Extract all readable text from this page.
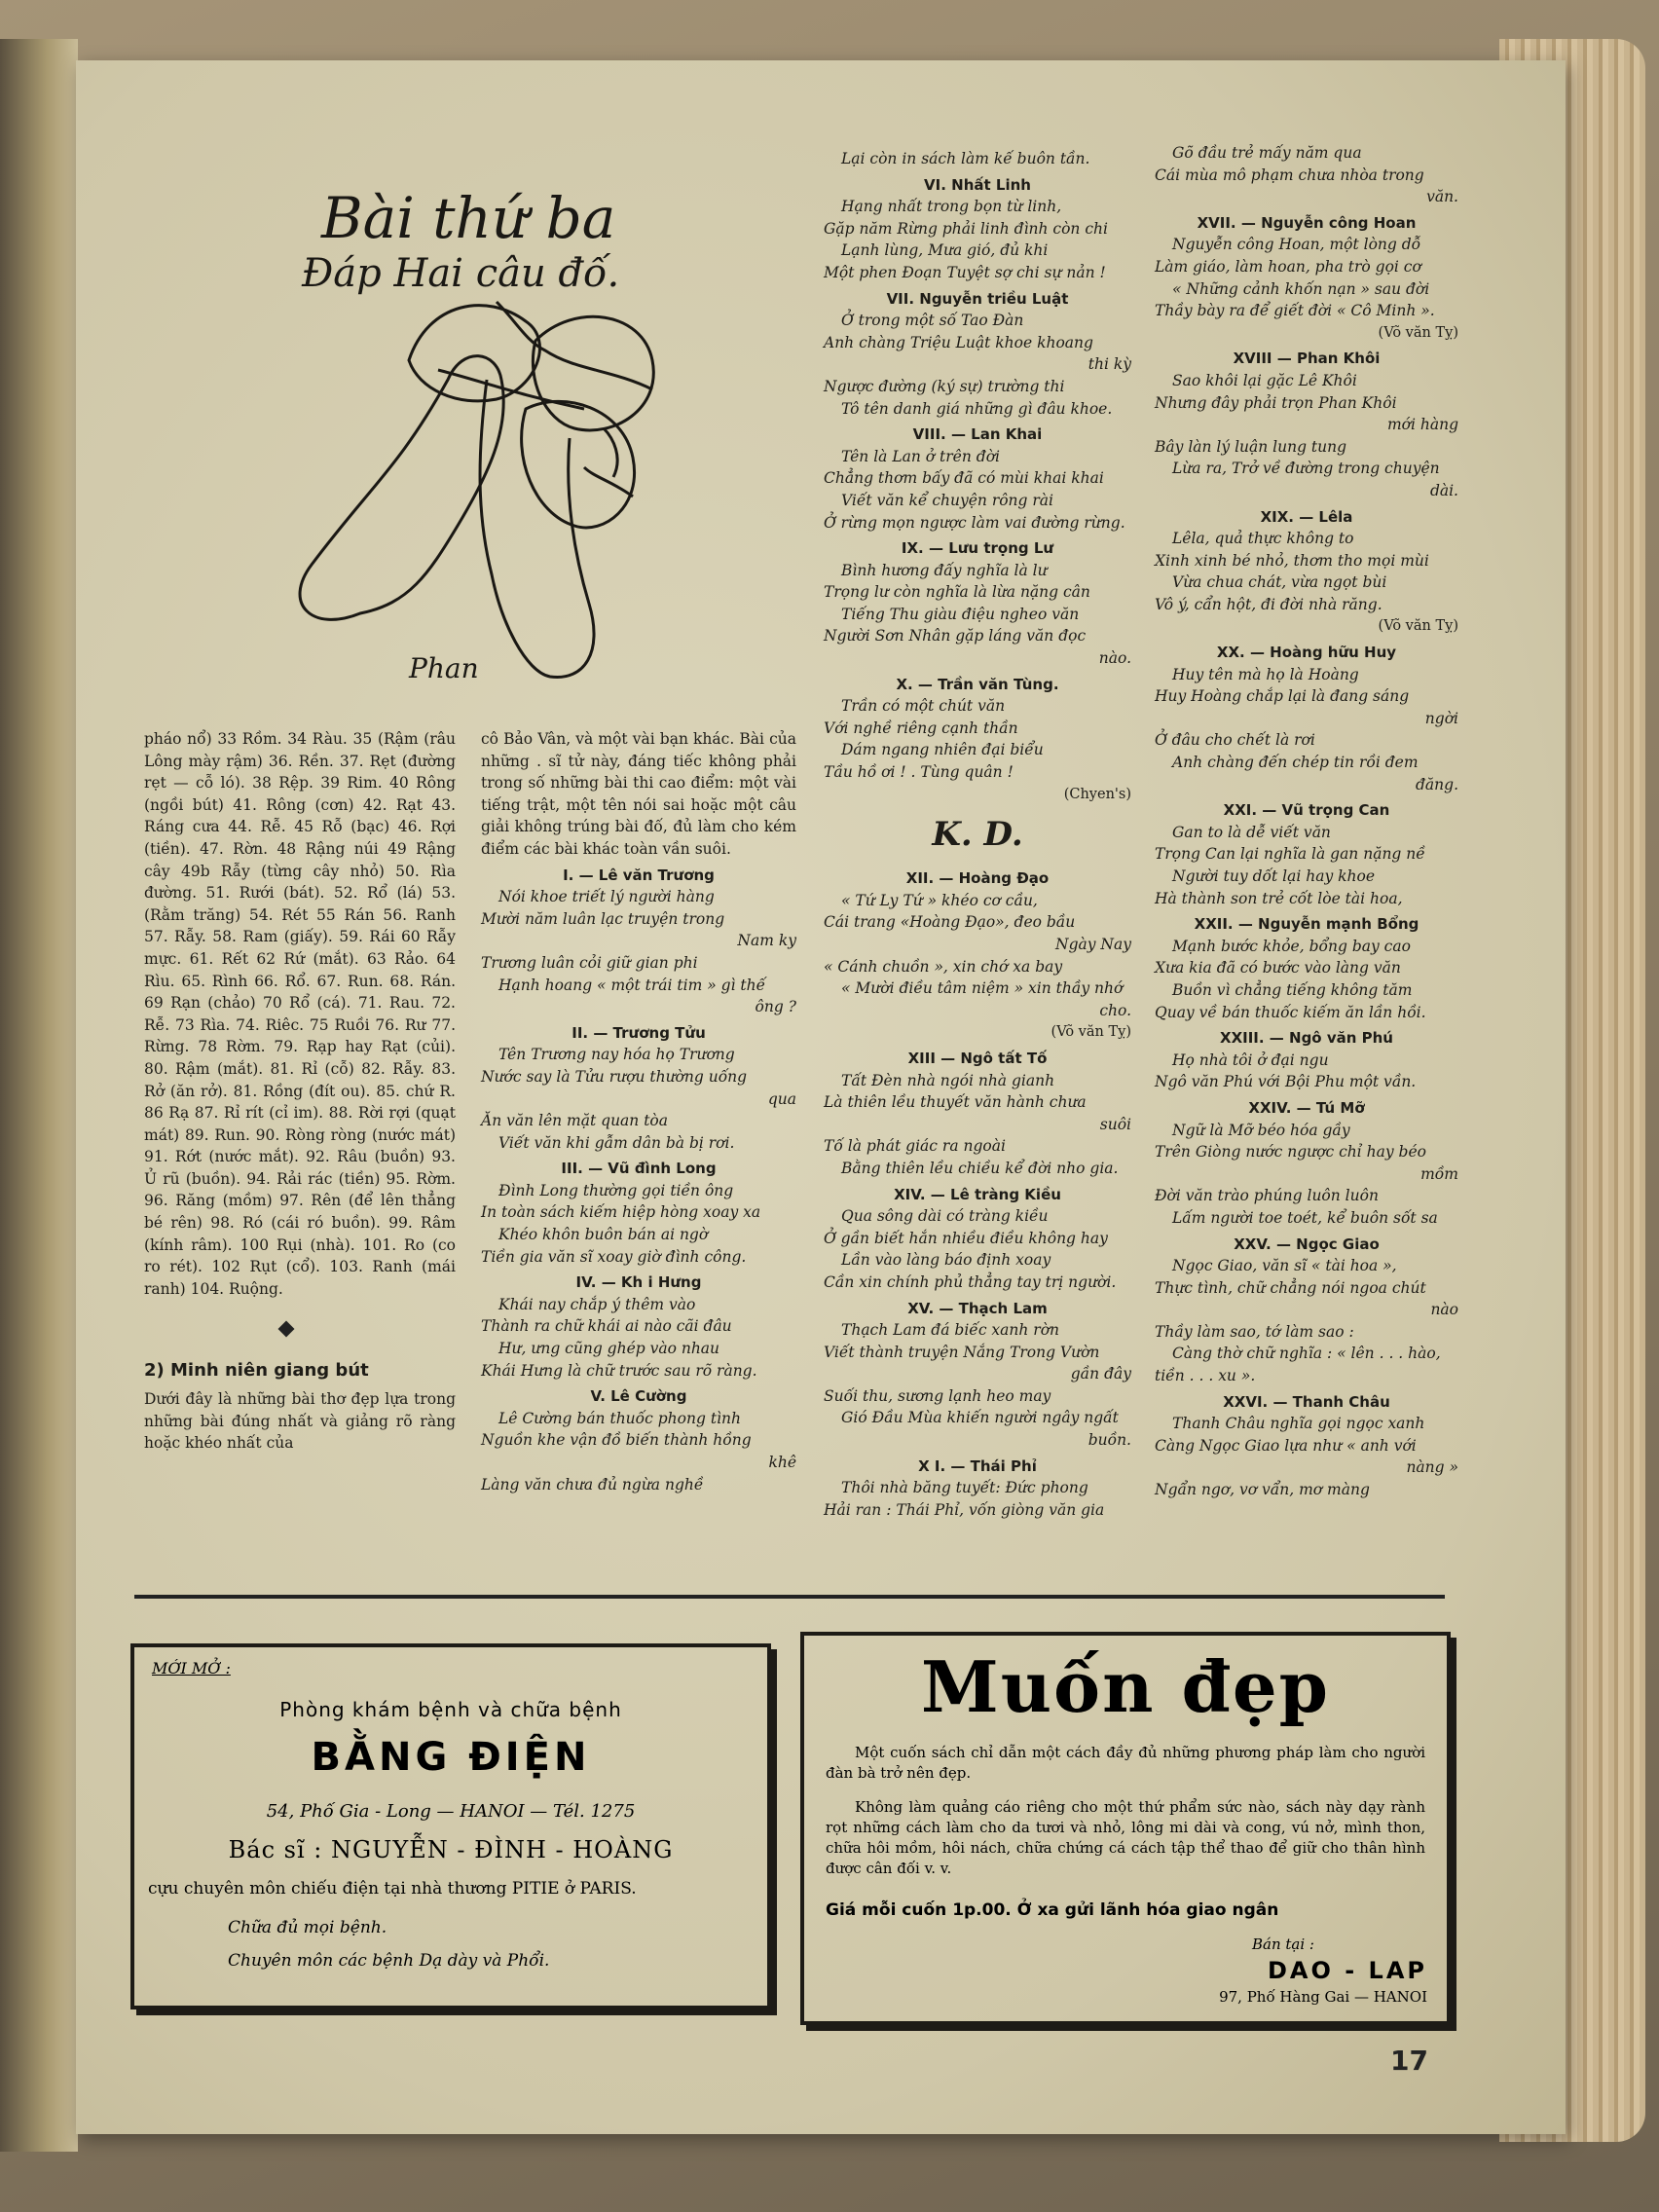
Bài thứ ba
Đáp Hai câu đố.
Phan

pháo nổ) 33 Rồm. 34 Ràu. 35 (Rậm (râu Lông mày rậm) 36. Rền. 37. Rẹt (đường rẹt — cỗ ló). 38 Rệp. 39 Rim. 40 Rông (ngồi bút) 41. Rông (cơn) 42. Rạt 43. Ráng cưa 44. Rễ. 45 Rỗ (bạc) 46. Rợi (tiền). 47. Rờn. 48 Rậng núi 49 Rậng cây 49b Rẫy (từng cây nhỏ) 50. Rìa đường. 51. Rưới (bát). 52. Rổ (lá) 53. (Rằm trăng) 54. Rét 55 Rán 56. Ranh 57. Rẫy. 58. Ram (giấy). 59. Rái 60 Rẫy mực. 61. Rết 62 Rứ (mắt). 63 Rảo. 64 Rìu. 65. Rình 66. Rổ. 67. Run. 68. Rán. 69 Rạn (chảo) 70 Rổ (cá). 71. Rau. 72. Rễ. 73 Rìa. 74. Riêc. 75 Ruồi 76. Rư 77. Rừng. 78 Rờm. 79. Rạp hay Rạt (củi). 80. Rậm (mắt). 81. Rỉ (cỗ) 82. Rẫy. 83. Rở (ăn rở). 81. Rồng (đít ou). 85. chứ R. 86 Rạ 87. Rỉ rít (cỉ im). 88. Rời rợi (quạt mát) 89. Run. 90. Ròng ròng (nước mát) 91. Rớt (nước mắt). 92. Râu (buồn) 93. Ủ rũ (buồn). 94. Rải rác (tiền) 95. Rờm. 96. Răng (mồm) 97. Rên (để lên thẳng bé rên) 98. Ró (cái ró buồn). 99. Râm (kính râm). 100 Rụi (nhà). 101. Ro (co ro rét). 102 Rụt (cổ). 103. Ranh (mái ranh) 104. Ruộng.

2) Minh niên giang bút

Dưới đây là những bài thơ đẹp lựa trong những bài đúng nhất và giảng rõ ràng hoặc khéo nhất của

cô Bảo Vân, và một vài bạn khác. Bài của những . sĩ tử này, đáng tiếc không phải trong số những bài thi cao điểm: một vài tiếng trật, một tên nói sai hoặc một câu giải không trúng bài đố, đủ làm cho kém điểm các bài khác toàn vần suôi.

I. — Lê văn Trương

Nói khoe triết lý người hàng

Mười năm luân lạc truyện trong

Nam ky

Trương luân cỏi giữ gian phi

Hạnh hoang « một trái tim » gì thế

ông ?

II. — Trương Tửu

Tên Trương nay hóa họ Trương

Nước say là Tửu rượu thường uống

qua

Ăn văn lên mặt quan tòa

Viết văn khi gẫm dân bà bị rơi.

III. — Vũ đình Long

Đình Long thường gọi tiền ông

In toàn sách kiếm hiệp hòng xoay xa

Khéo khôn buôn bán ai ngờ

Tiền gia văn sĩ xoay giờ đình công.

IV. — Kh i Hưng

Khái nay chắp ý thêm vào

Thành ra chữ khái ai nào cãi đâu

Hư, ưng cũng ghép vào nhau

Khái Hưng là chữ trước sau rõ ràng.

V. Lê Cường

Lê Cường bán thuốc phong tình

Nguồn khe vận đồ biến thành hồng

khê

Làng văn chưa đủ ngừa nghề

Lại còn in sách làm kế buôn tần.

VI. Nhất Linh

Hạng nhất trong bọn từ linh,

Gặp năm Rừng phải linh đình còn chi

Lạnh lùng, Mưa gió, đủ khi

Một phen Đoạn Tuyệt sợ chi sự nản !

VII. Nguyễn triều Luật

Ở trong một số Tao Đàn

Anh chàng Triệu Luật khoe khoang

thi kỳ

Ngược đường (ký sự) trường thi

Tô tên danh giá những gì đâu khoe.

VIII. — Lan Khai

Tên là Lan ở trên đời

Chẳng thơm bấy đã có mùi khai khai

Viết văn kể chuyện rông rài

Ở rừng mọn ngược làm vai đường rừng.

IX. — Lưu trọng Lư

Bình hương đấy nghĩa là lư

Trọng lư còn nghĩa là lừa nặng cân

Tiếng Thu giàu điệu ngheo văn

Người Sơn Nhân gặp láng văn đọc

nào.

X. — Trần văn Tùng.

Trần có một chút văn

Với nghề riêng cạnh thần

Dám ngang nhiên đại biểu

Tầu hồ ơi ! . Tùng quân !

(Chyen's)

K. D.

XII. — Hoàng Đạo

« Tứ Ly Tứ » khéo cơ cầu,

Cái trang «Hoàng Đạo», đeo bầu

Ngày Nay

« Cánh chuồn », xin chớ xa bay

« Mười điều tâm niệm » xin thầy nhớ

cho.

(Võ văn Tỵ)

XIII — Ngô tất Tố

Tất Đèn nhà ngói nhà gianh

Là thiên lều thuyết văn hành chưa

suôi

Tố là phát giác ra ngoài

Bằng thiên lều chiều kể đời nho gia.

XIV. — Lê tràng Kiều

Qua sông dài có tràng kiều

Ở gần biết hắn nhiều điều không hay

Lần vào làng báo định xoay

Cần xin chính phủ thẳng tay trị người.

XV. — Thạch Lam

Thạch Lam đá biếc xanh rờn

Viết thành truyện Nắng Trong Vườn

gần đây

Suối thu, sương lạnh heo may

Gió Đầu Mùa khiến người ngây ngất

buồn.

X I. — Thái Phỉ

Thôi nhà băng tuyết: Đức phong

Hải ran : Thái Phỉ, vốn giòng văn gia

Gõ đầu trẻ mấy năm qua

Cái mùa mô phạm chưa nhòa trong

văn.

XVII. — Nguyễn công Hoan

Nguyễn công Hoan, một lòng dỗ

Làm giáo, làm hoan, pha trò gọi cơ

« Những cảnh khốn nạn » sau đời

Thầy bày ra để giết đời « Cô Minh ».

(Võ văn Tỵ)

XVIII — Phan Khôi

Sao khôi lại gặc Lê Khôi

Nhưng đây phải trọn Phan Khôi

mới hàng

Bây làn lý luận lung tung

Lừa ra, Trở về đường trong chuyện

dài.

XIX. — Lêla

Lêla, quả thực không to

Xinh xinh bé nhỏ, thơm tho mọi mùi

Vừa chua chát, vừa ngọt bùi

Vô ý, cẩn hột, đi đời nhà răng.

(Võ văn Tỵ)

XX. — Hoàng hữu Huy

Huy tên mà họ là Hoàng

Huy Hoàng chắp lại là đang sáng

ngời

Ở đâu cho chết là rơi

Anh chàng đến chép tin rồi đem

đăng.

XXI. — Vũ trọng Can

Gan to là dễ viết văn

Trọng Can lại nghĩa là gan nặng nề

Người tuy dốt lại hay khoe

Hà thành son trẻ cốt lòe tài hoa,

XXII. — Nguyễn mạnh Bổng

Mạnh bước khỏe, bổng bay cao

Xưa kia đã có bước vào làng văn

Buồn vì chẳng tiếng không tăm

Quay về bán thuốc kiếm ăn lần hồi.

XXIII. — Ngô văn Phú

Họ nhà tôi ở đại ngu

Ngô văn Phú với Bội Phu một vần.

XXIV. — Tú Mỡ

Ngữ là Mỡ béo hóa gầy

Trên Giòng nước ngược chỉ hay béo

mồm

Đời văn trào phúng luôn luôn

Lấm người toe toét, kể buôn sốt sa

XXV. — Ngọc Giao

Ngọc Giao, văn sĩ « tài hoa »,

Thực tình, chữ chẳng nói ngoa chút

nào

Thầy làm sao, tớ làm sao :

Càng thờ chữ nghĩa : « lên . . . hào,

tiền . . . xu ».

XXVI. — Thanh Châu

Thanh Châu nghĩa gọi ngọc xanh

Càng Ngọc Giao lựa như « anh với

nàng »

Ngẩn ngơ, vơ vẩn, mơ màng

MỚI MỞ :
Phòng khám bệnh và chữa bệnh
BẰNG ĐIỆN
54, Phố Gia - Long — HANOI — Tél. 1275
Bác sĩ : NGUYỄN - ĐÌNH - HOÀNG
cựu chuyên môn chiếu điện tại nhà thương PITIE ở PARIS.
Chữa đủ mọi bệnh.
Chuyên môn các bệnh Dạ dày và Phổi.
Muốn đẹp
Một cuốn sách chỉ dẫn một cách đầy đủ những phương pháp làm cho người đàn bà trở nên đẹp.
Không làm quảng cáo riêng cho một thứ phẩm sức nào, sách này dạy rành rọt những cách làm cho da tươi và nhỏ, lông mi dài và cong, vú nở, mình thon, chữa hôi mồm, hôi nách, chữa chứng cá cách tập thể thao để giữ cho thân hình được cân đối v. v.
Giá mỗi cuốn 1p.00. Ở xa gửi lãnh hóa giao ngân
Bán tại :
DAO - LAP
97, Phố Hàng Gai — HANOI
17
